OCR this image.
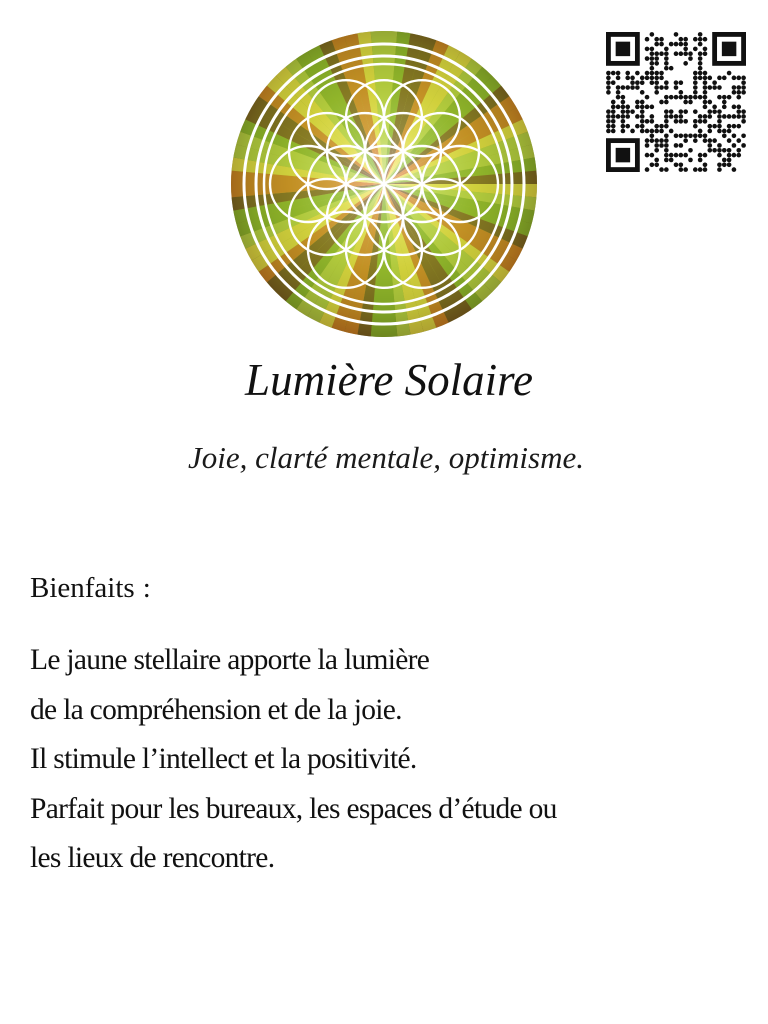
Lumière Solaire
Joie, clarté mentale, optimisme.
Bienfaits :
Le jaune stellaire apporte la lumière
de la compréhension et de la joie.
Il stimule l’intellect et la positivité.
Parfait pour les bureaux, les espaces d’étude ou
les lieux de rencontre.
